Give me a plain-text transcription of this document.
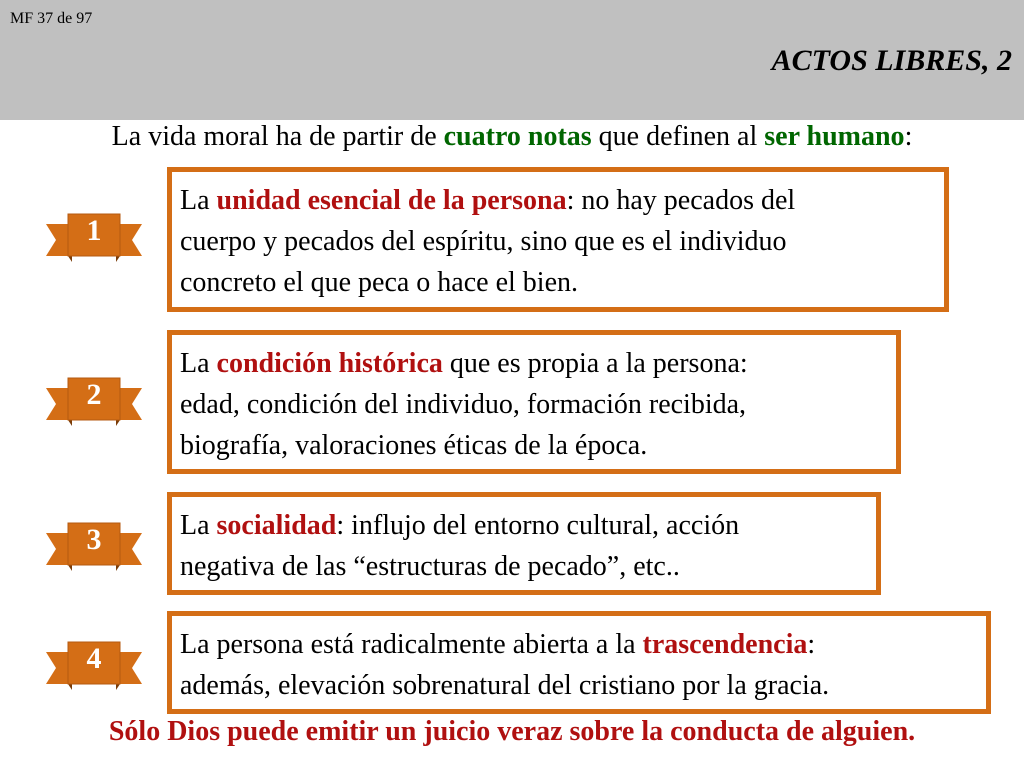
MF 37 de 97
ACTOS LIBRES, 2
La vida moral ha de partir de cuatro notas que definen al ser humano:
1

La unidad esencial de la persona: no hay pecados del

cuerpo y pecados del espíritu, sino que es el individuo

concreto el que peca o hace el bien.

2

La condición histórica que es propia a la persona:

edad, condición del individuo, formación recibida,

biografía, valoraciones éticas de la época.

3	La socialidad: influjo del entorno cultural, acción

negativa de las “estructuras de pecado”, etc..

4	La persona está radicalmente abierta a la trascendencia:

además, elevación sobrenatural del cristiano por la gracia.

Sólo Dios puede emitir un juicio veraz sobre la conducta de alguien.
